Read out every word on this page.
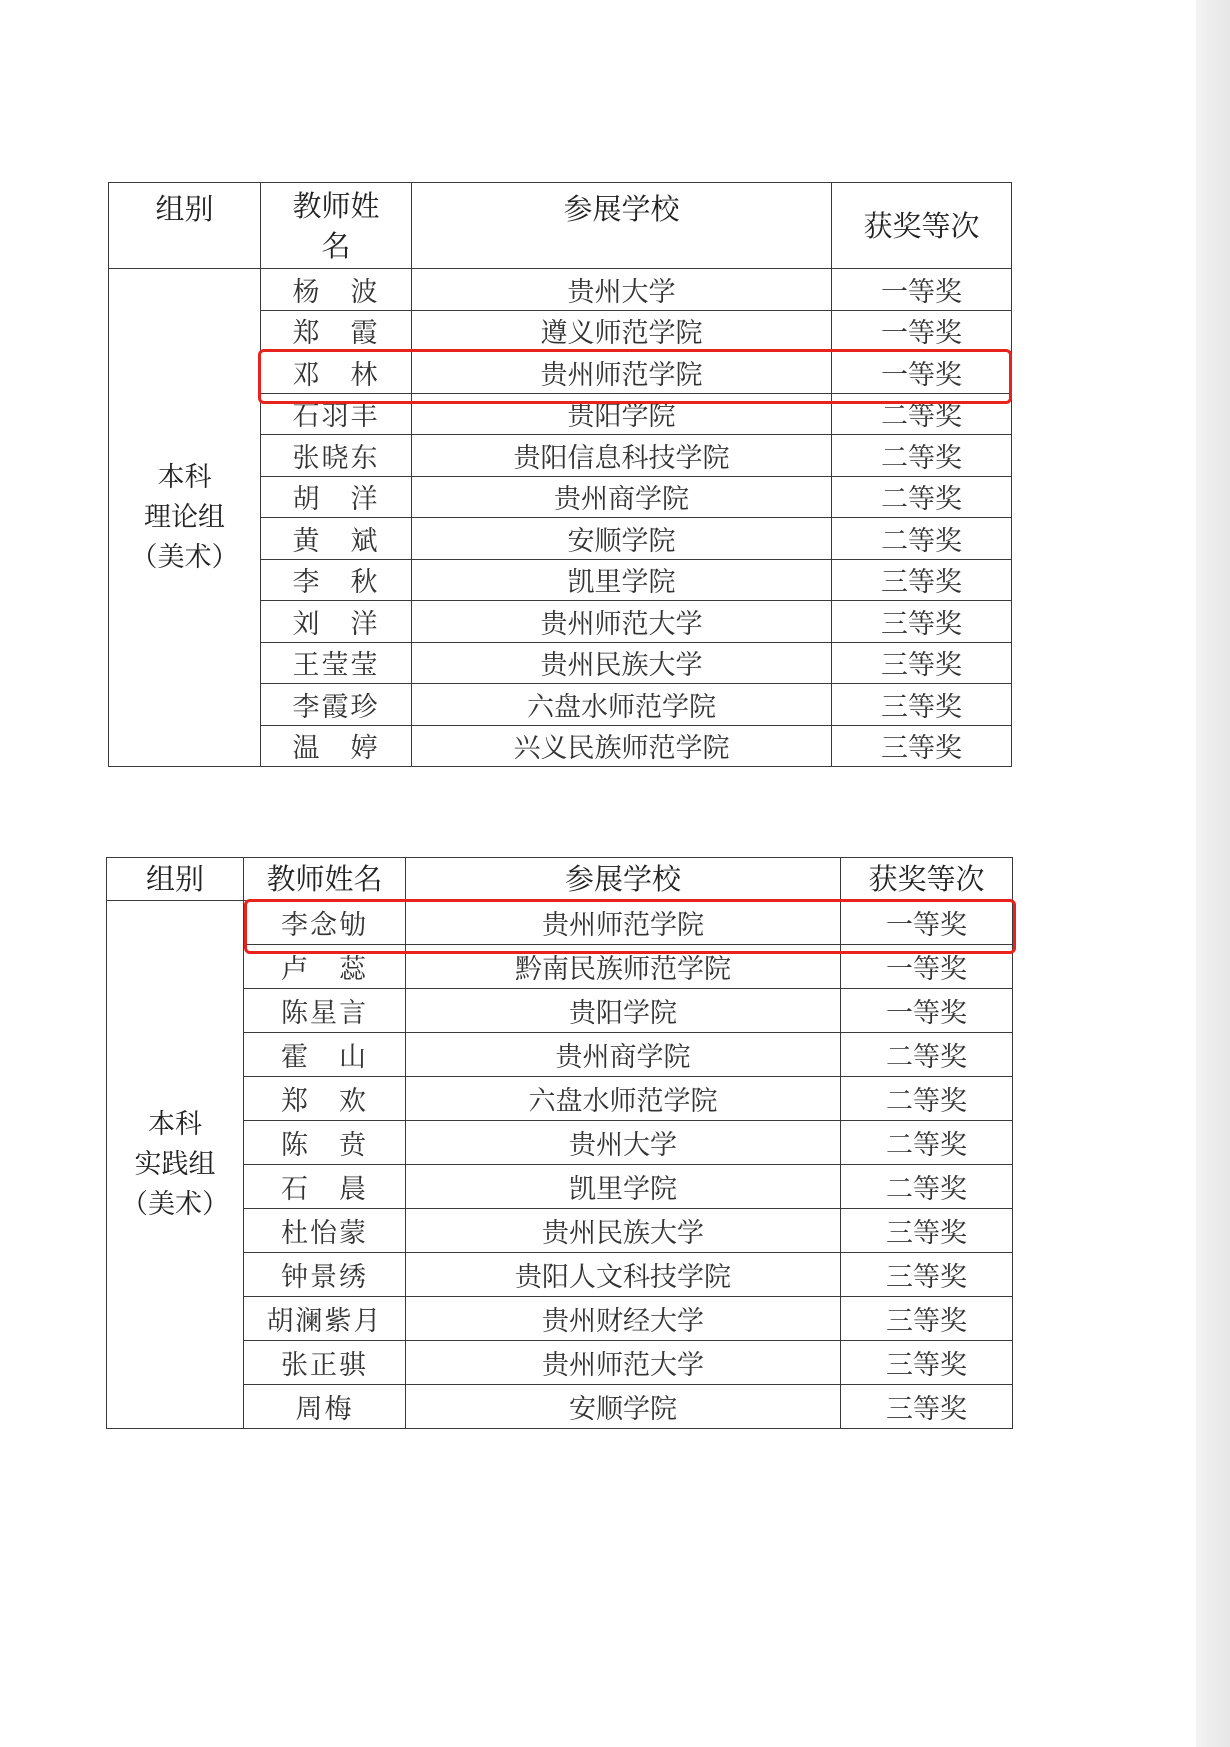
组别	教师姓名	参展学校	获奖等次

本科
理论组
（美术）	杨　波	贵州大学	一等奖
	郑　霞	遵义师范学院	一等奖
	邓　林	贵州师范学院	一等奖
	石羽丰	贵阳学院	二等奖
	张晓东	贵阳信息科技学院	二等奖
	胡　洋	贵州商学院	二等奖
	黄　斌	安顺学院	二等奖
	李　秋	凯里学院	三等奖
	刘　洋	贵州师范大学	三等奖
	王莹莹	贵州民族大学	三等奖
	李霞珍	六盘水师范学院	三等奖
	温　婷	兴义民族师范学院	三等奖
组别	教师姓名	参展学校	获奖等次

本科
实践组
（美术）	李念劬	贵州师范学院	一等奖
	卢　蕊	黔南民族师范学院	一等奖
	陈星言	贵阳学院	一等奖
	霍　山	贵州商学院	二等奖
	郑　欢	六盘水师范学院	二等奖
	陈　贲	贵州大学	二等奖
	石　晨	凯里学院	二等奖
	杜怡蒙	贵州民族大学	三等奖
	钟景绣	贵阳人文科技学院	三等奖
	胡澜紫月	贵州财经大学	三等奖
	张正骐	贵州师范大学	三等奖
	周梅	安顺学院	三等奖
